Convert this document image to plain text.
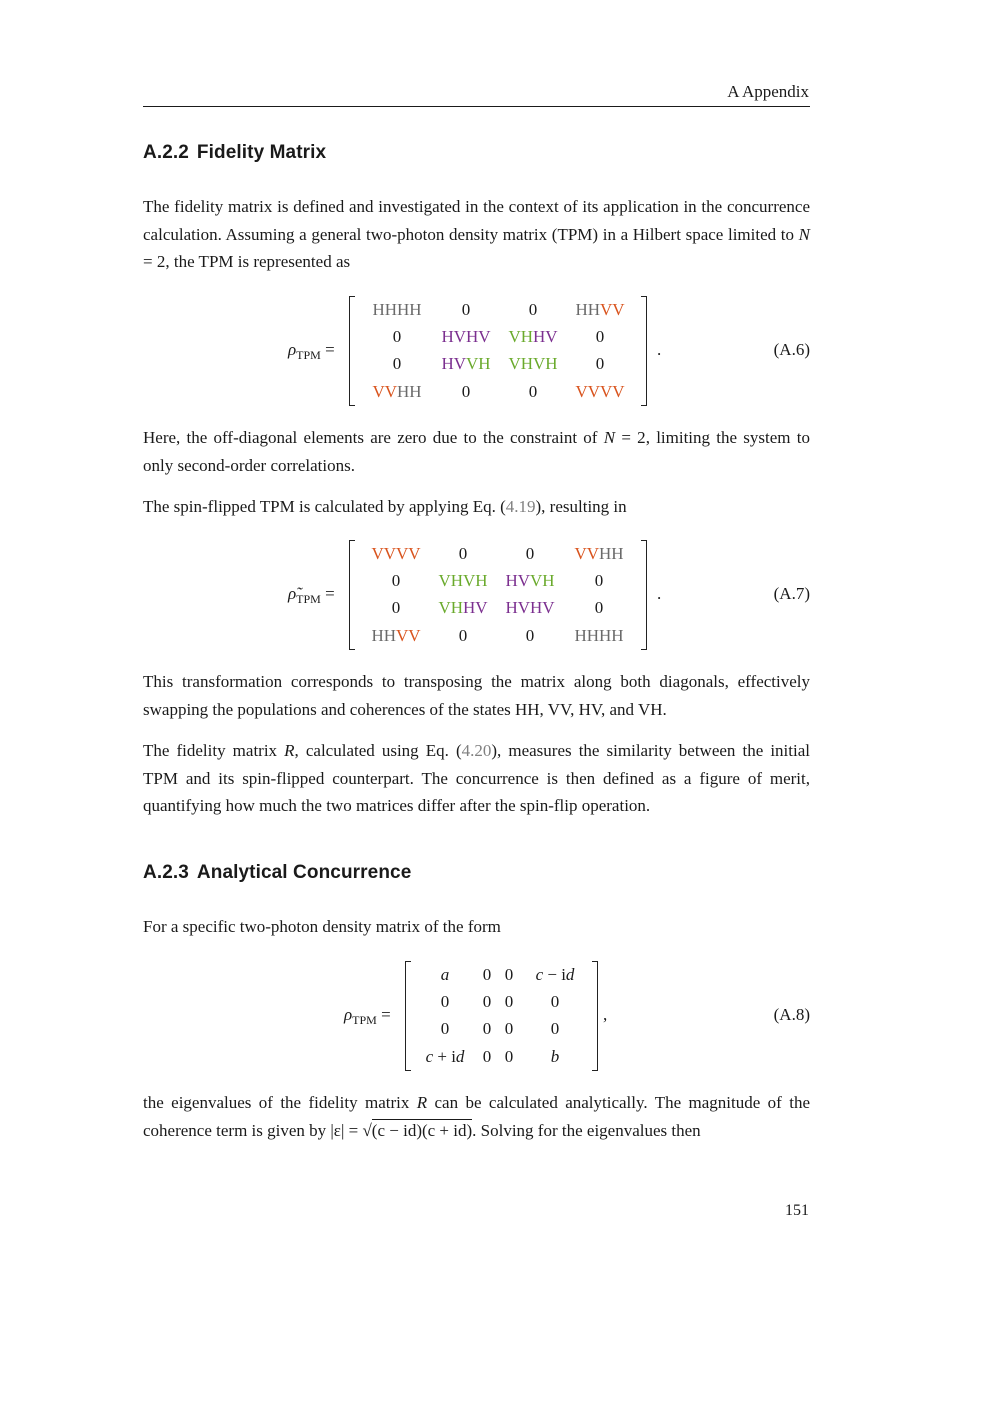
A Appendix
A.2.2 Fidelity Matrix

The fidelity matrix is defined and investigated in the context of its application in the concurrence calculation. Assuming a general two-photon density matrix (TPM) in a Hilbert space limited to N = 2, the TPM is represented as

$\rho_{TPM}$ =
HHHH 0	0 HHVV
0 HVHV VHHV 0
0 HVVH VHVH 0
VVHH 0	0 VVVV
.	(A.6)

Here, the off-diagonal elements are zero due to the constraint of N = 2, limiting the system to only second-order correlations.

The spin-flipped TPM is calculated by applying Eq. (4.19), resulting in

$\rhõ_{TPM}$ =
VVVV 0	0 VVHH
0 VHVH HVVH 0
0 VHHV HVHV 0
HHVV 0	0 HHHH
.	(A.7)

This transformation corresponds to transposing the matrix along both diagonals, effectively swapping the populations and coherences of the states HH, VV, HV, and VH.

The fidelity matrix R, calculated using Eq. (4.20), measures the similarity between the initial TPM and its spin-flipped counterpart. The concurrence is then defined as a figure of merit, quantifying how much the two matrices differ after the spin-flip operation.

A.2.3 Analytical Concurrence

For a specific two-photon density matrix of the form

$\rho_{TPM}$ =
a 0 0 c − id
0 0 0 0
0 0 0 0
c + id 0 0 b
,	(A.8)

the eigenvalues of the fidelity matrix R can be calculated analytically. The magnitude of the coherence term is given by |ε| = √(c − id)(c + id). Solving for the eigenvalues then

151
